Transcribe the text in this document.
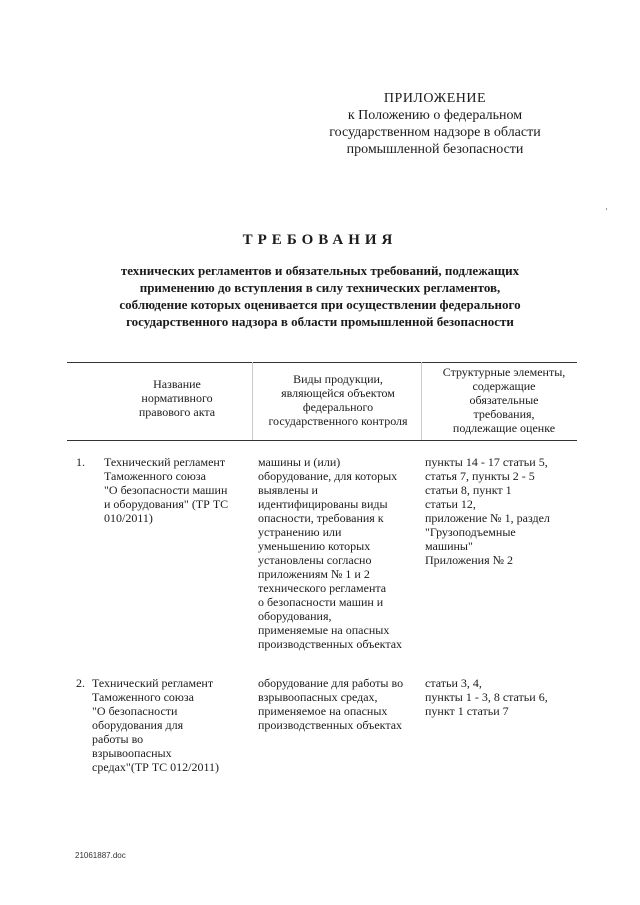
ПРИЛОЖЕНИЕ
к Положению о федеральном
государственном надзоре в области
промышленной безопасности
ТРЕБОВАНИЯ
технических регламентов и обязательных требований, подлежащих
применению до вступления в силу технических регламентов,
соблюдение которых оценивается при осуществлении федерального
государственного надзора в области промышленной безопасности
Название
нормативного
правового акта
Виды продукции,
являющейся объектом
федерального
государственного контроля
Структурные элементы,
содержащие
обязательные
требования,
подлежащие оценке
1. Технический регламент
Таможенного союза
"О безопасности машин
и оборудования" (ТР ТС
010/2011)
машины и (или)
оборудование, для которых
выявлены и
идентифицированы виды
опасности, требования к
устранению или
уменьшению которых
установлены согласно
приложениям № 1 и 2
технического регламента
о безопасности машин и
оборудования,
применяемые на опасных
производственных объектах
пункты 14 - 17 статьи 5,
статья 7, пункты 2 - 5
статьи 8, пункт 1
статьи 12,
приложение № 1, раздел
"Грузоподъемные
машины"
Приложения № 2
2. Технический регламент
Таможенного союза
"О безопасности
оборудования для
работы во
взрывоопасных
средах"(ТР ТС 012/2011)
оборудование для работы во
взрывоопасных средах,
применяемое на опасных
производственных объектах
статьи 3, 4,
пункты 1 - 3, 8 статьи 6,
пункт 1 статьи 7
21061887.doc
